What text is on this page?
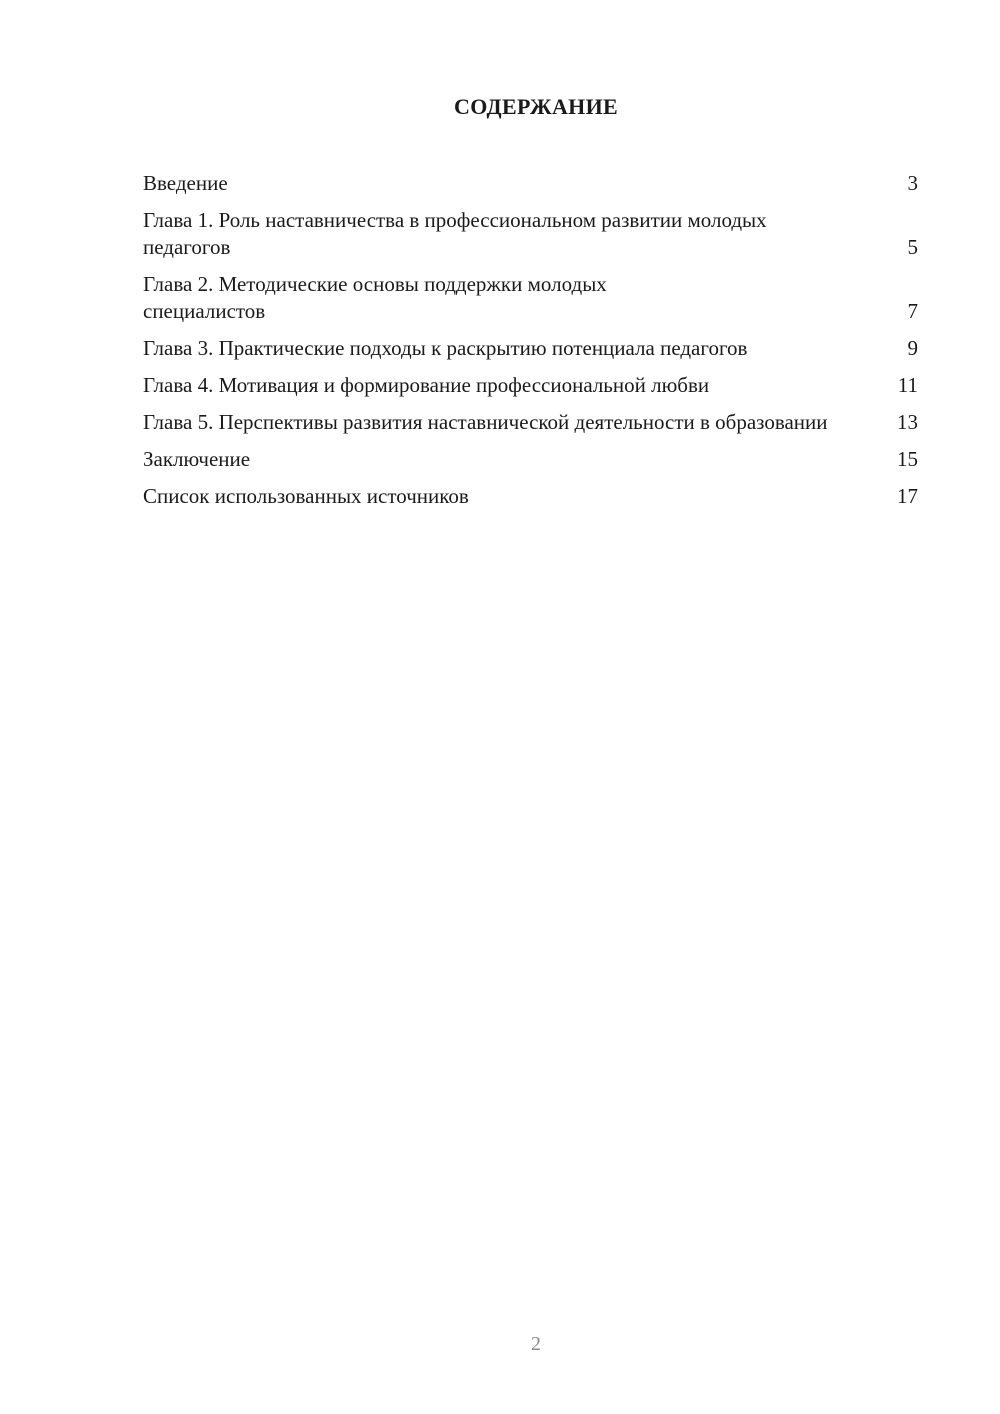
СОДЕРЖАНИЕ
Введение	3
Глава 1. Роль наставничества в профессиональном развитии молодых педагогов	5
Глава 2. Методические основы поддержки молодых специалистов	7
Глава 3. Практические подходы к раскрытию потенциала педагогов	9
Глава 4. Мотивация и формирование профессиональной любви	11
Глава 5. Перспективы развития наставнической деятельности в образовании	13
Заключение	15
Список использованных источников	17
2
